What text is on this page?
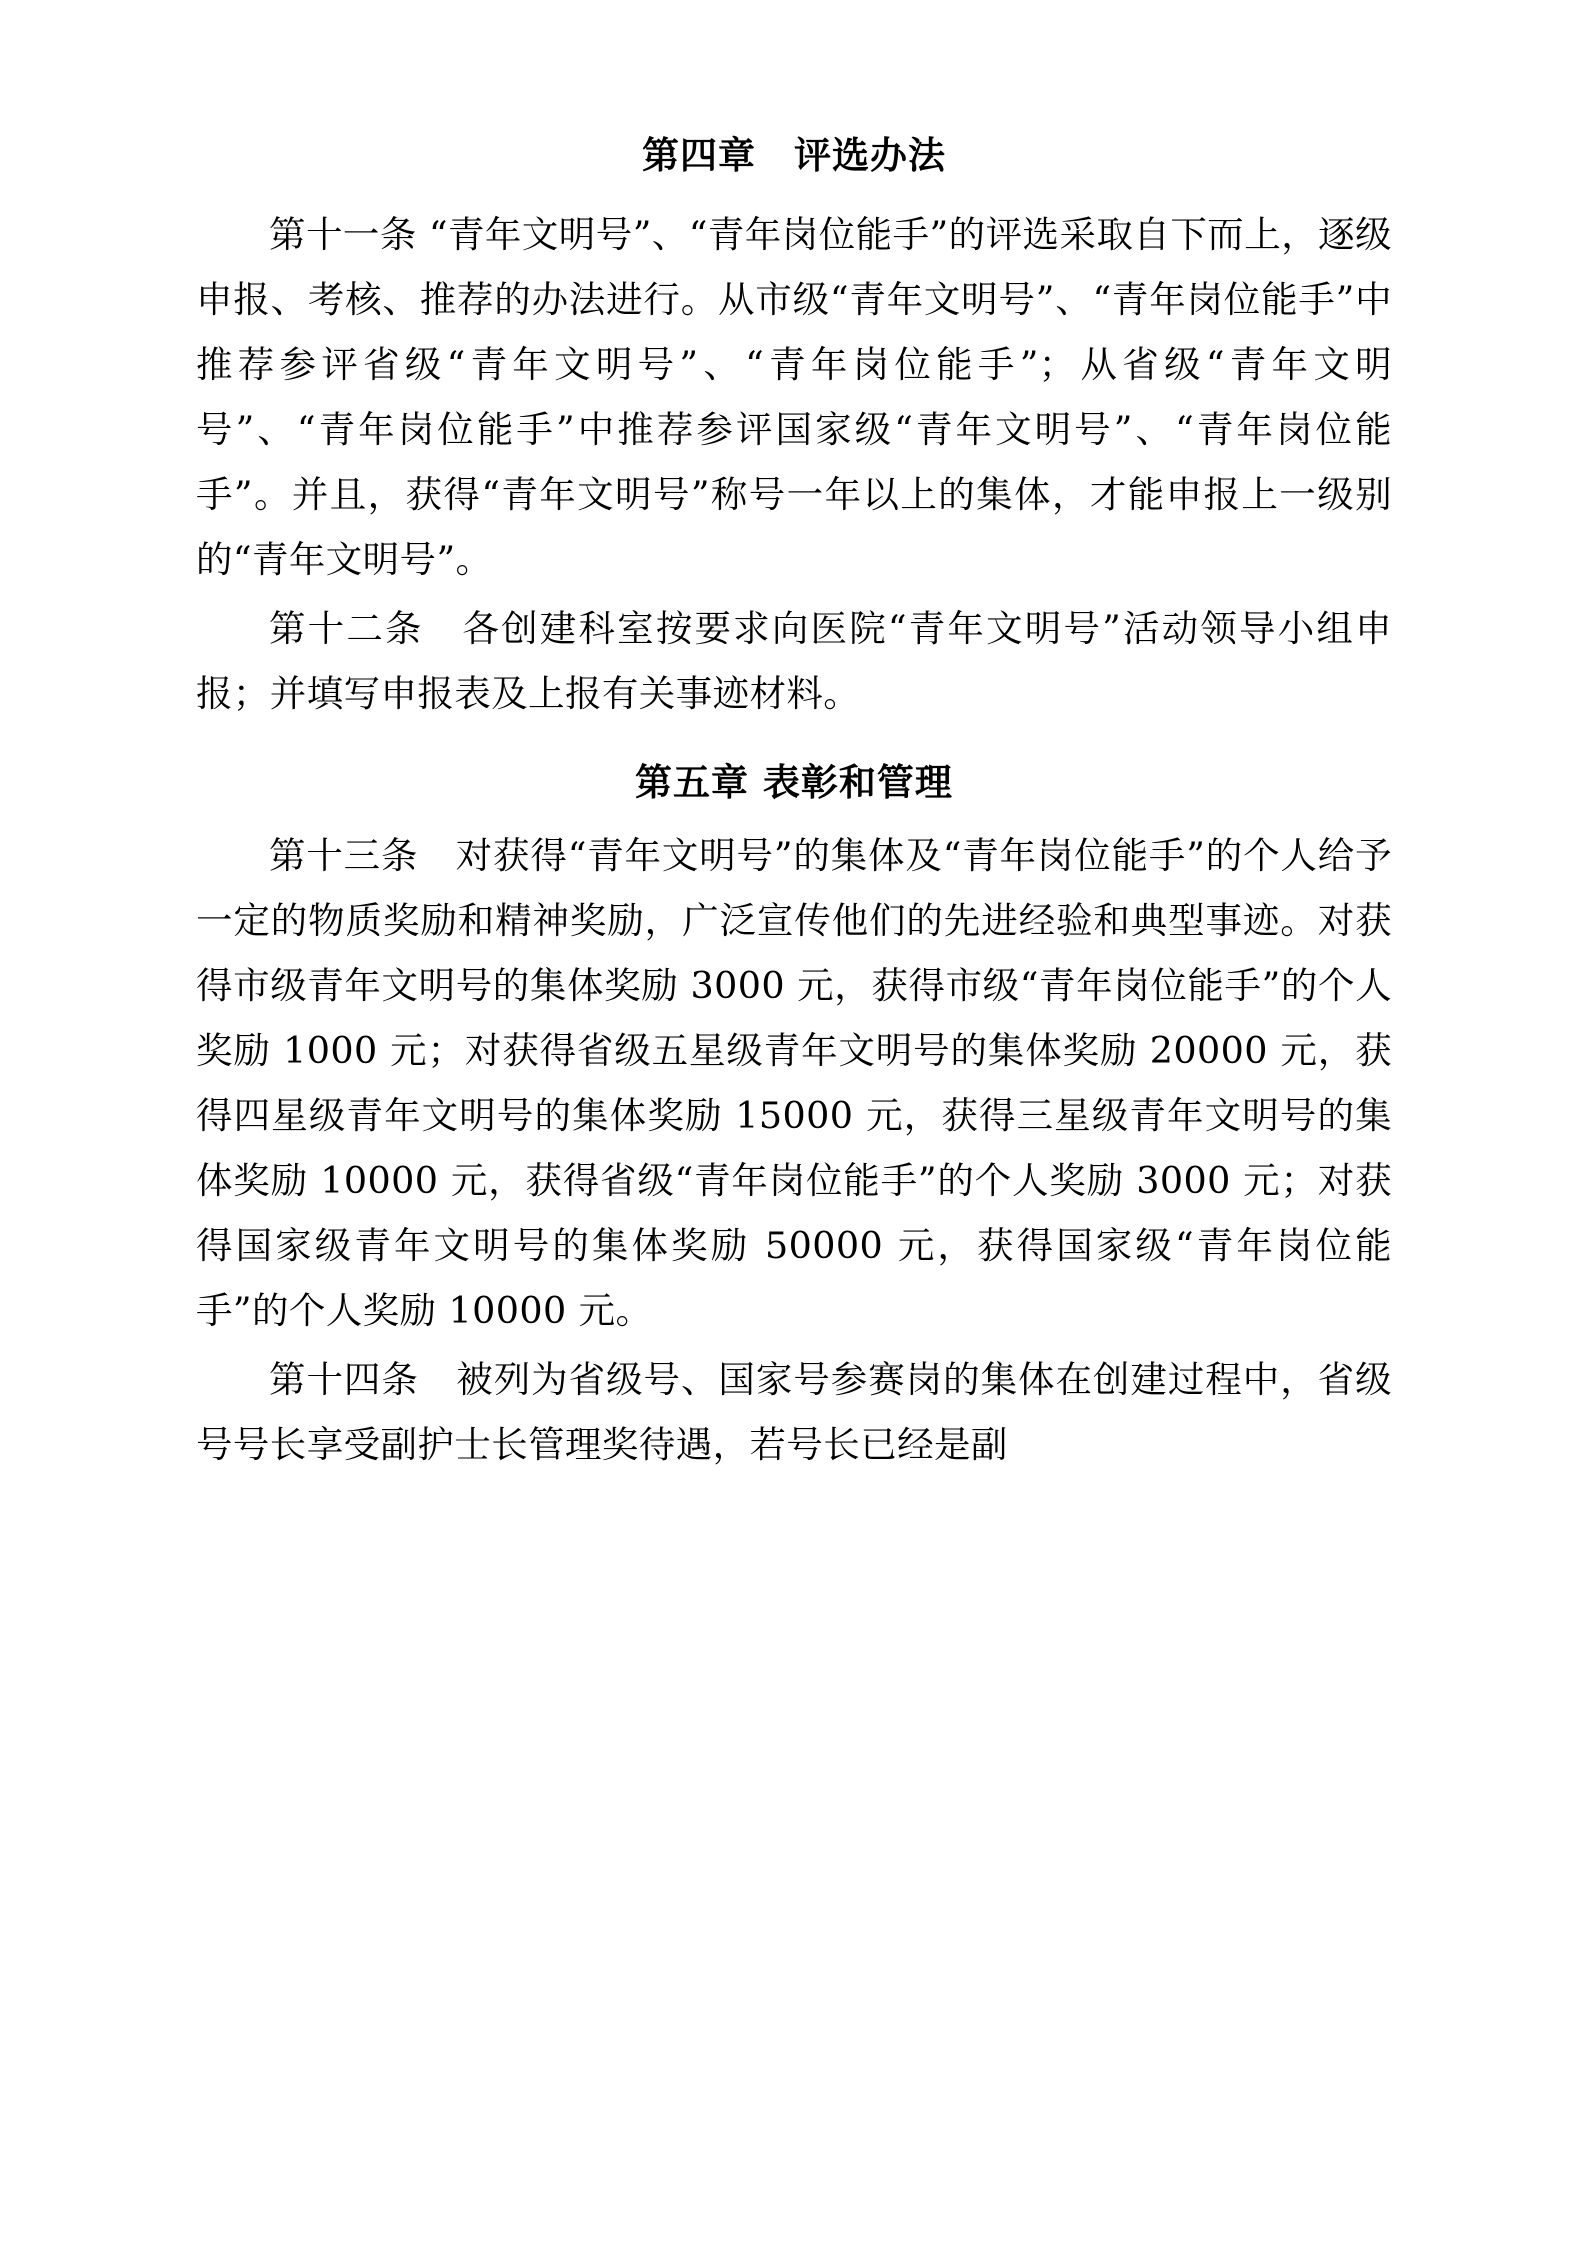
第四章　评选办法

第十一条 “青年文明号”、“青年岗位能手”的评选采取自下而上，逐级申报、考核、推荐的办法进行。从市级“青年文明号”、“青年岗位能手”中推荐参评省级“青年文明号”、“青年岗位能手”；从省级“青年文明号”、“青年岗位能手”中推荐参评国家级“青年文明号”、“青年岗位能手”。并且，获得“青年文明号”称号一年以上的集体，才能申报上一级别的“青年文明号”。

第十二条　各创建科室按要求向医院“青年文明号”活动领导小组申报；并填写申报表及上报有关事迹材料。

第五章 表彰和管理

第十三条　对获得“青年文明号”的集体及“青年岗位能手”的个人给予一定的物质奖励和精神奖励，广泛宣传他们的先进经验和典型事迹。对获得市级青年文明号的集体奖励 3000 元，获得市级“青年岗位能手”的个人奖励 1000 元；对获得省级五星级青年文明号的集体奖励 20000 元，获得四星级青年文明号的集体奖励 15000 元，获得三星级青年文明号的集体奖励 10000 元，获得省级“青年岗位能手”的个人奖励 3000 元；对获得国家级青年文明号的集体奖励 50000 元，获得国家级“青年岗位能手”的个人奖励 10000 元。

第十四条　被列为省级号、国家号参赛岗的集体在创建过程中，省级号号长享受副护士长管理奖待遇，若号长已经是副
